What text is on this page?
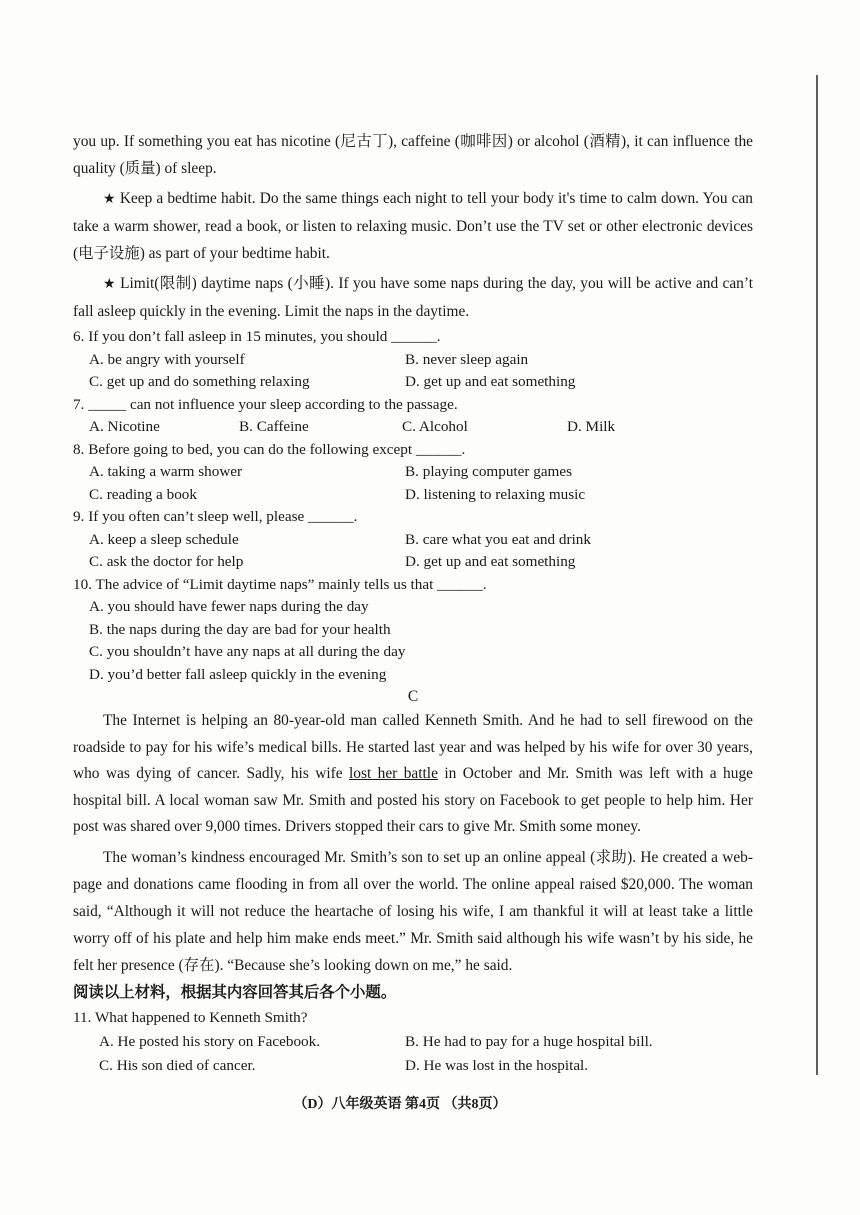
you up. If something you eat has nicotine (尼古丁), caffeine (咖啡因) or alcohol (酒精), it can influence the quality (质量) of sleep.

★ Keep a bedtime habit. Do the same things each night to tell your body it's time to calm down. You can take a warm shower, read a book, or listen to relaxing music. Don’t use the TV set or other electronic devices (电子设施) as part of your bedtime habit.

★ Limit(限制) daytime naps (小睡). If you have some naps during the day, you will be active and can’t fall asleep quickly in the evening. Limit the naps in the daytime.

6. If you don’t fall asleep in 15 minutes, you should ______.

A. be angry with yourself	B. never sleep again
C. get up and do something relaxing	D. get up and eat something

7. _____ can not influence your sleep according to the passage.

A. Nicotine	B. Caffeine	C. Alcohol	D. Milk

8. Before going to bed, you can do the following except ______.

A. taking a warm shower	B. playing computer games
C. reading a book	D. listening to relaxing music

9. If you often can’t sleep well, please ______.

A. keep a sleep schedule	B. care what you eat and drink
C. ask the doctor for help	D. get up and eat something

10. The advice of “Limit daytime naps” mainly tells us that ______.

A. you should have fewer naps during the day
B. the naps during the day are bad for your health
C. you shouldn’t have any naps at all during the day
D. you’d better fall asleep quickly in the evening

C

The Internet is helping an 80-year-old man called Kenneth Smith. And he had to sell firewood on the roadside to pay for his wife’s medical bills. He started last year and was helped by his wife for over 30 years, who was dying of cancer. Sadly, his wife lost her battle in October and Mr. Smith was left with a huge hospital bill. A local woman saw Mr. Smith and posted his story on Facebook to get people to help him. Her post was shared over 9,000 times. Drivers stopped their cars to give Mr. Smith some money.

The woman’s kindness encouraged Mr. Smith’s son to set up an online appeal (求助). He created a web-page and donations came flooding in from all over the world. The online appeal raised $20,000. The woman said, “Although it will not reduce the heartache of losing his wife, I am thankful it will at least take a little worry off of his plate and help him make ends meet.” Mr. Smith said although his wife wasn’t by his side, he felt her presence (存在). “Because she’s looking down on me,” he said.

阅读以上材料，根据其内容回答其后各个小题。

11. What happened to Kenneth Smith?

A. He posted his story on Facebook.	B. He had to pay for a huge hospital bill.
C. His son died of cancer.	D. He was lost in the hospital.
（D）八年级英语 第4页 （共8页）
